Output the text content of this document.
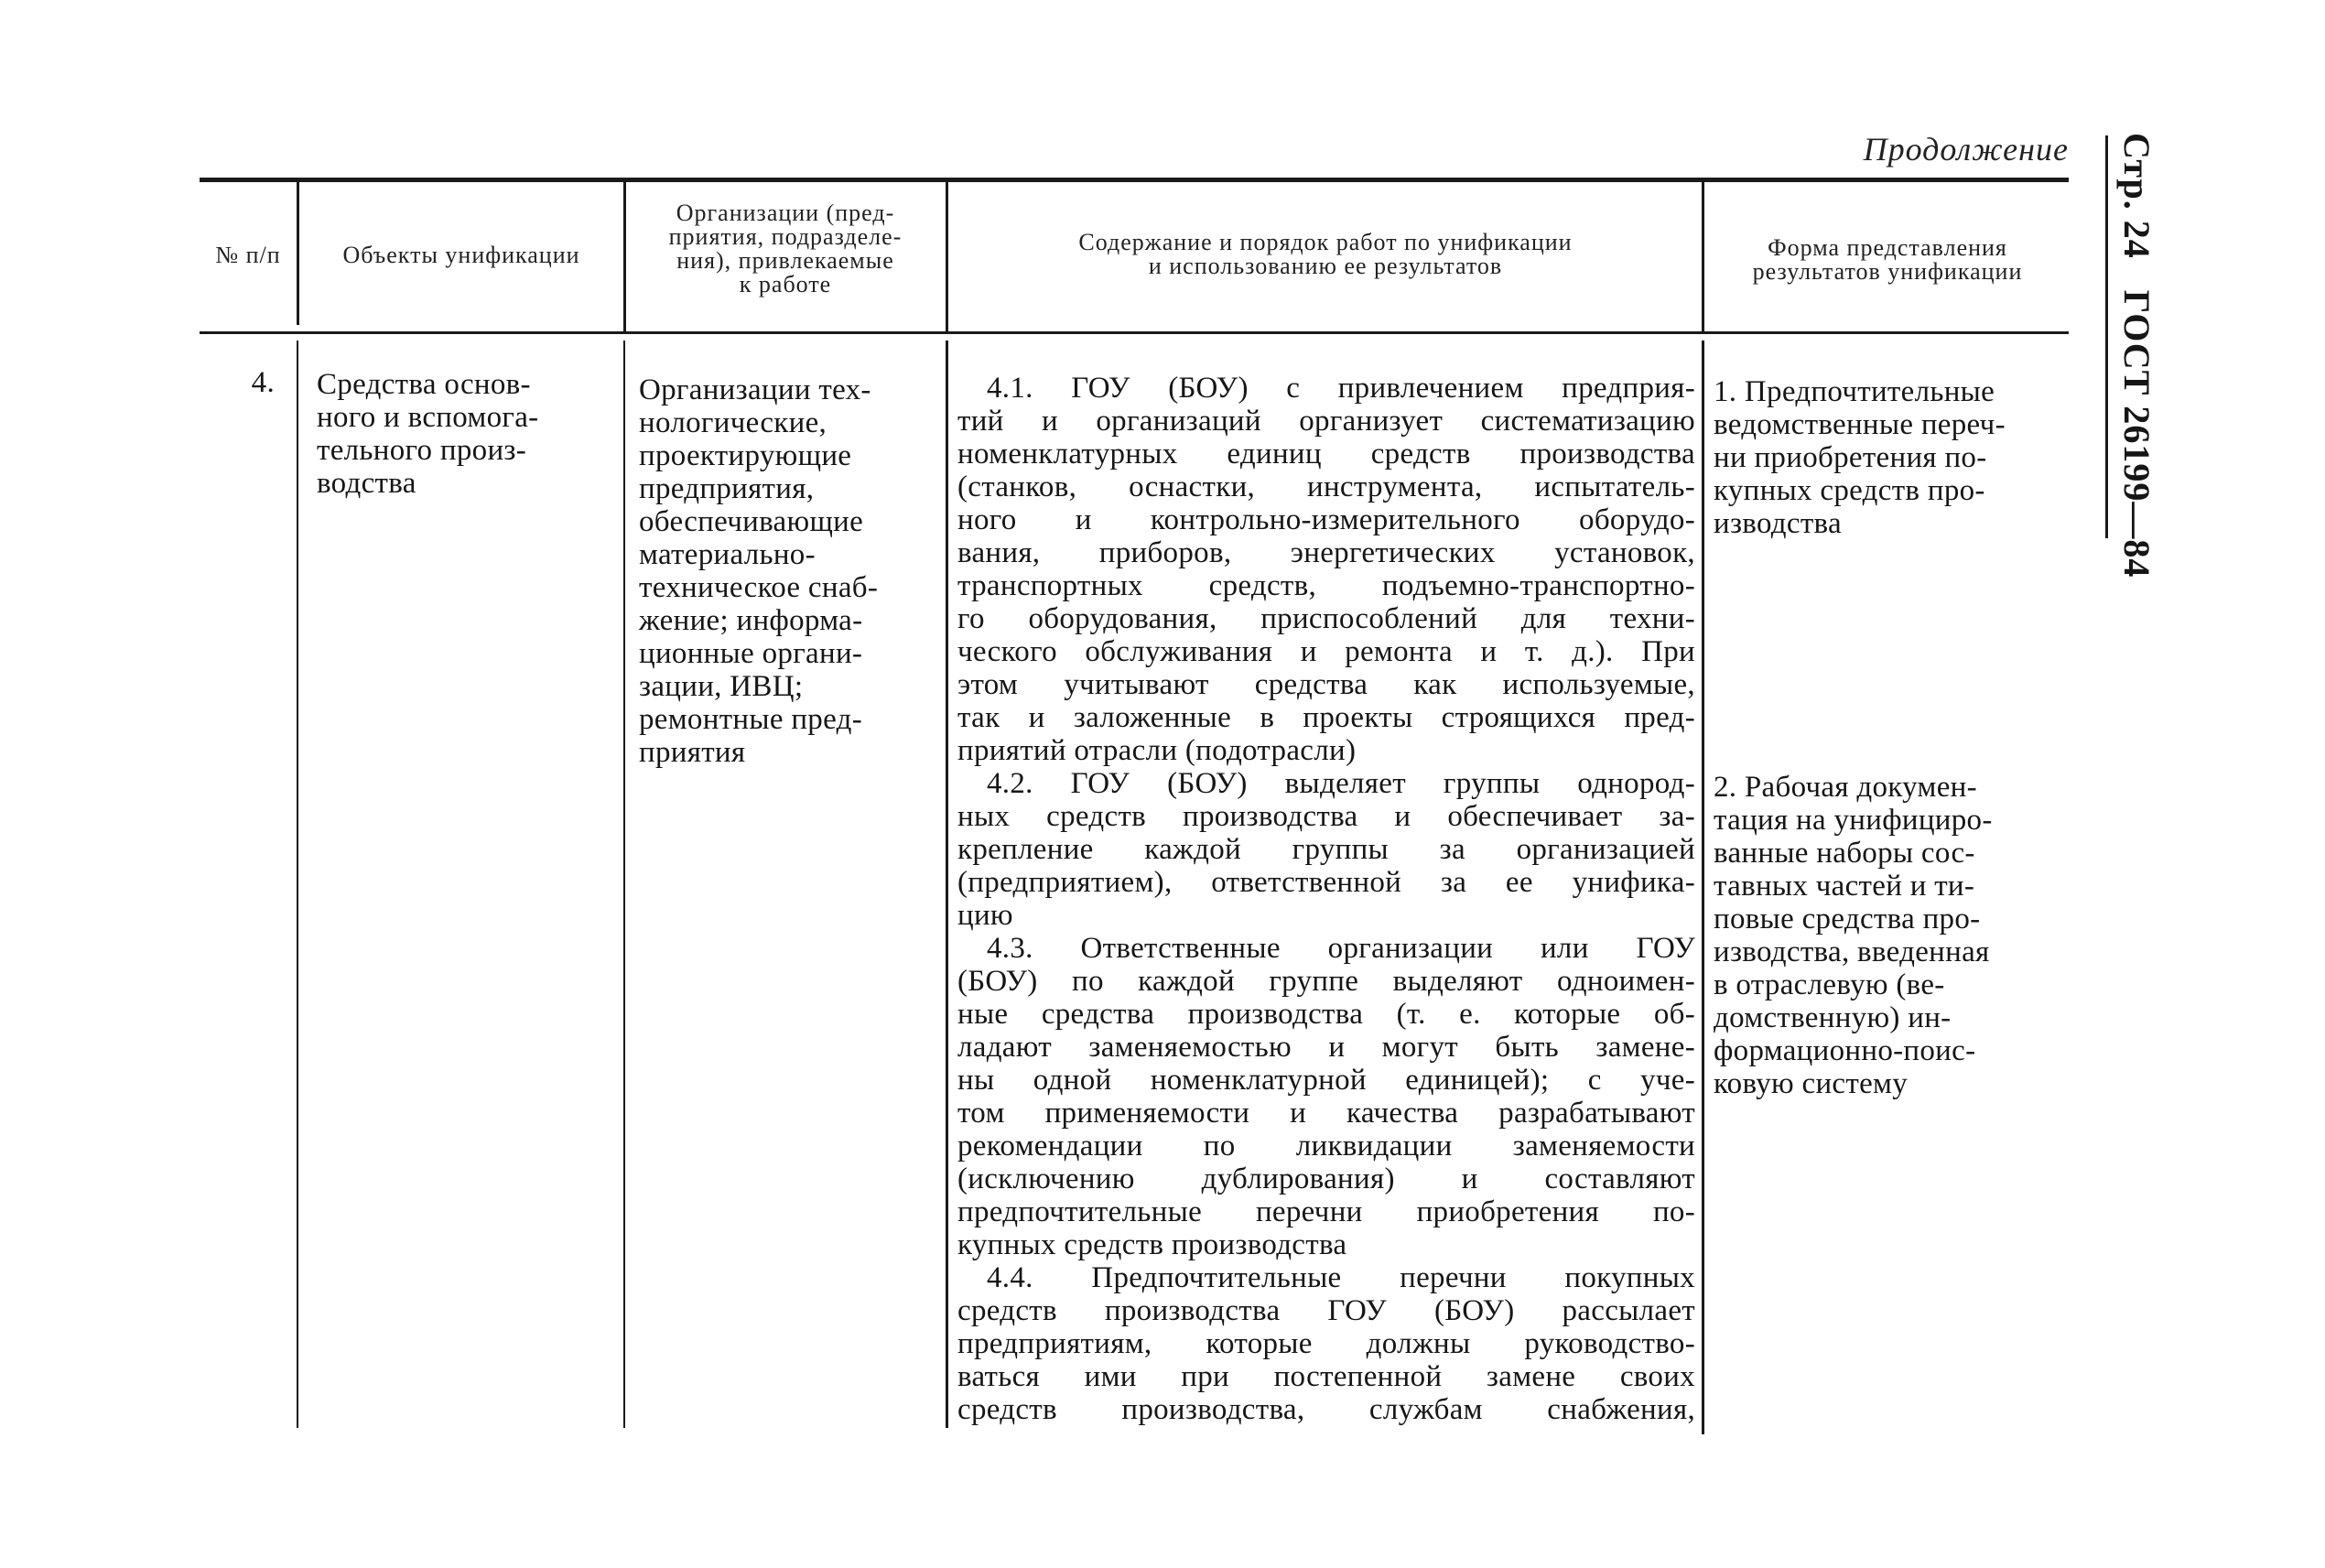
Продолжение Стр. 24ГОСТ 26199—84
№ п/п	Объекты унификации
Организации (пред-
приятия, подразделе-
ния), привлекаемые
к работе
Содержание и порядок работ по унификации
и использованию ее результатов
Форма представления
результатов унификации
4. Средства основ-
ного и вспомога-
тельного произ-
водства
Организации тех-
нологические,
проектирующие
предприятия,
обеспечивающие
материально-
техническое снаб-
жение; информа-
ционные органи-
зации, ИВЦ;
ремонтные пред-
приятия
4.1. ГОУ (БОУ) с привлечением предприя-
тий и организаций организует систематизацию
номенклатурных единиц средств производства
(станков, оснастки, инструмента, испытатель-
ного и контрольно-измерительного оборудо-
вания, приборов, энергетических установок,
транспортных средств, подъемно-транспортно-
го оборудования, приспособлений для техни-
ческого обслуживания и ремонта и т. д.). При
этом учитывают средства как используемые,
так и заложенные в проекты строящихся пред-
приятий отрасли (подотрасли)
4.2. ГОУ (БОУ) выделяет группы однород-
ных средств производства и обеспечивает за-
крепление каждой группы за организацией
(предприятием), ответственной за ее унифика-
цию
4.3. Ответственные организации или ГОУ
(БОУ) по каждой группе выделяют одноимен-
ные средства производства (т. е. которые об-
ладают заменяемостью и могут быть замене-
ны одной номенклатурной единицей); с уче-
том применяемости и качества разрабатывают
рекомендации по ликвидации заменяемости
(исключению дублирования) и составляют
предпочтительные перечни приобретения по-
купных средств производства
4.4. Предпочтительные перечни покупных
средств производства ГОУ (БОУ) рассылает
предприятиям, которые должны руководство-
ваться ими при постепенной замене своих
средств производства, службам снабжения,
1. Предпочтительные
ведомственные переч-
ни приобретения по-
купных средств про-
изводства
2. Рабочая докумен-
тация на унифициро-
ванные наборы сос-
тавных частей и ти-
повые средства про-
изводства, введенная
в отраслевую (ве-
домственную) ин-
формационно-поис-
ковую систему
